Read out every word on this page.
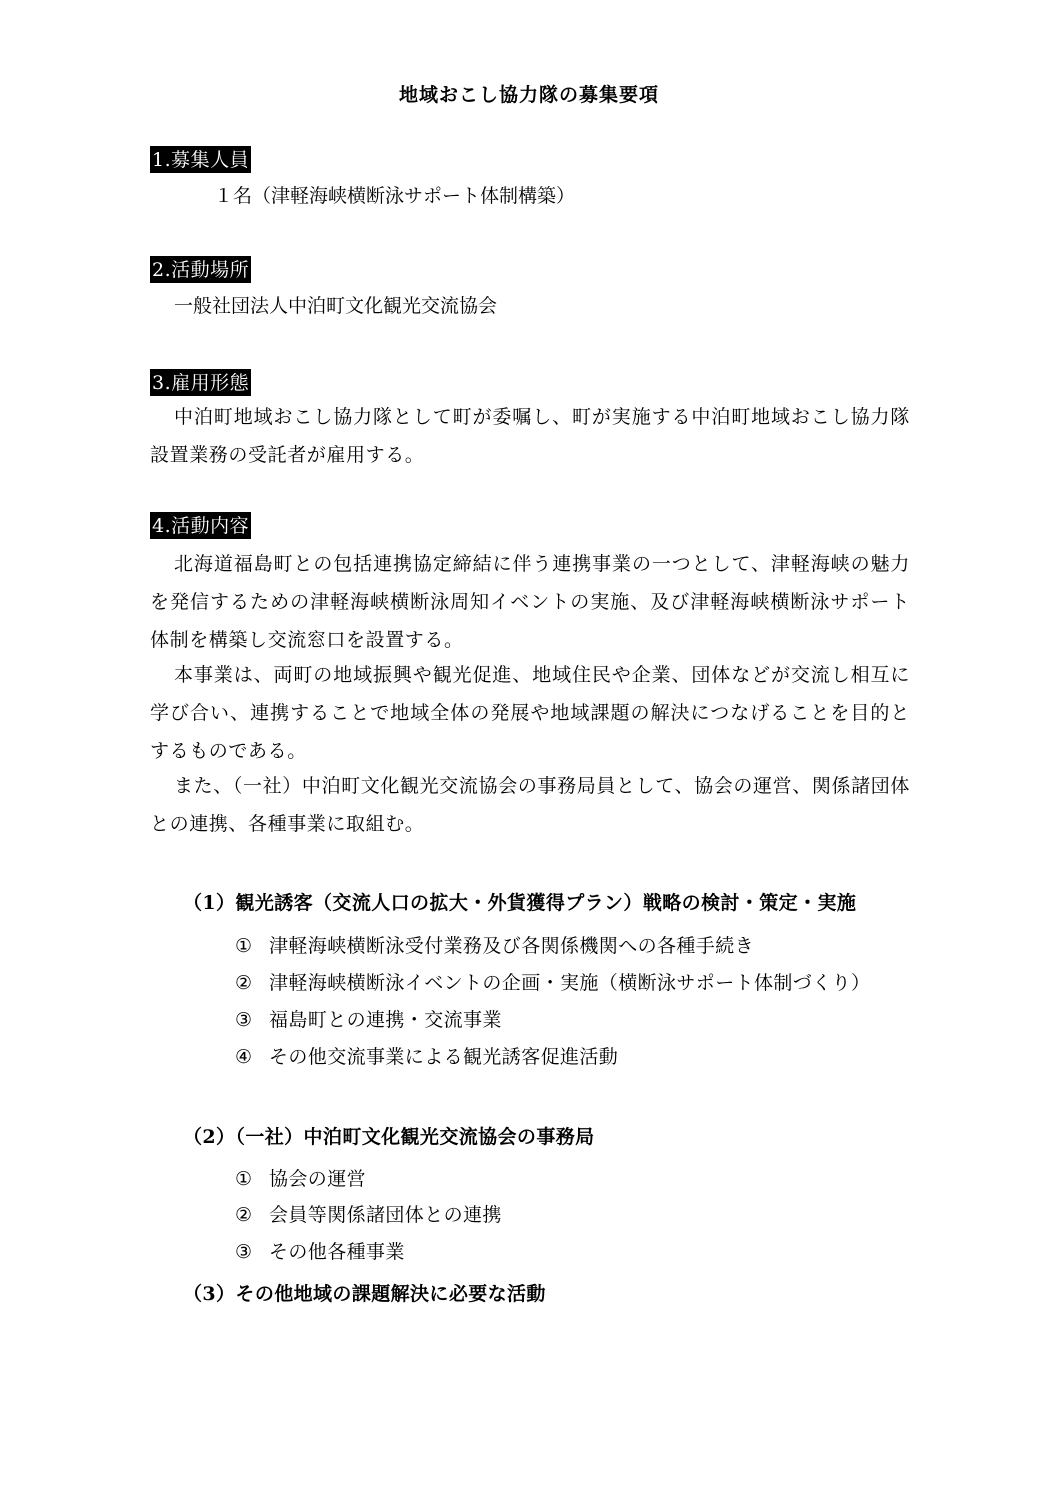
地域おこし協力隊の募集要項
1.募集人員
１名（津軽海峡横断泳サポート体制構築）
2.活動場所
一般社団法人中泊町文化観光交流協会
3.雇用形態
中泊町地域おこし協力隊として町が委嘱し、町が実施する中泊町地域おこし協力隊設置業務の受託者が雇用する。
4.活動内容
北海道福島町との包括連携協定締結に伴う連携事業の一つとして、津軽海峡の魅力を発信するための津軽海峡横断泳周知イベントの実施、及び津軽海峡横断泳サポート体制を構築し交流窓口を設置する。
本事業は、両町の地域振興や観光促進、地域住民や企業、団体などが交流し相互に学び合い、連携することで地域全体の発展や地域課題の解決につなげることを目的とするものである。
また、（一社）中泊町文化観光交流協会の事務局員として、協会の運営、関係諸団体との連携、各種事業に取組む。
（1）観光誘客（交流人口の拡大・外貨獲得プラン）戦略の検討・策定・実施
① 津軽海峡横断泳受付業務及び各関係機関への各種手続き
② 津軽海峡横断泳イベントの企画・実施（横断泳サポート体制づくり）
③ 福島町との連携・交流事業
④ その他交流事業による観光誘客促進活動
（2）（一社）中泊町文化観光交流協会の事務局
① 協会の運営
② 会員等関係諸団体との連携
③ その他各種事業
（3）その他地域の課題解決に必要な活動
